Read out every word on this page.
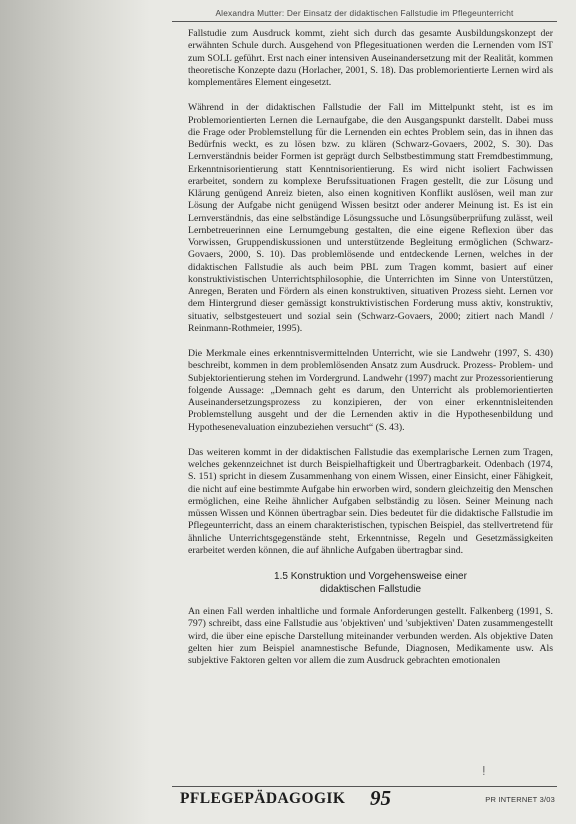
Alexandra Mutter: Der Einsatz der didaktischen Fallstudie im Pflegeunterricht

Fallstudie zum Ausdruck kommt, zieht sich durch das gesamte Ausbildungskonzept der erwähnten Schule durch. Ausgehend von Pflegesituationen werden die Lernenden vom IST zum SOLL geführt. Erst nach einer intensiven Auseinandersetzung mit der Realität, kommen theoretische Konzepte dazu (Horlacher, 2001, S. 18). Das problemorientierte Lernen wird als komplementäres Element eingesetzt.

Während in der didaktischen Fallstudie der Fall im Mittelpunkt steht, ist es im Problemorientierten Lernen die Lernaufgabe, die den Ausgangspunkt darstellt. Dabei muss die Frage oder Problemstellung für die Lernenden ein echtes Problem sein, das in ihnen das Bedürfnis weckt, es zu lösen bzw. zu klären (Schwarz-Govaers, 2002, S. 30). Das Lernverständnis beider Formen ist geprägt durch Selbstbestimmung statt Fremdbestimmung, Erkenntnisorientierung statt Kenntnisorientierung. Es wird nicht isoliert Fachwissen erarbeitet, sondern zu komplexe Berufssituationen Fragen gestellt, die zur Lösung und Klärung genügend Anreiz bieten, also einen kognitiven Konflikt auslösen, weil man zur Lösung der Aufgabe nicht genügend Wissen besitzt oder anderer Meinung ist. Es ist ein Lernverständnis, das eine selbständige Lösungssuche und Lösungsüberprüfung zulässt, weil Lernbetreuerinnen eine Lernumgebung gestalten, die eine eigene Reflexion über das Vorwissen, Gruppendiskussionen und unterstützende Begleitung ermöglichen (Schwarz-Govaers, 2000, S. 10). Das problemlösende und entdeckende Lernen, welches in der didaktischen Fallstudie als auch beim PBL zum Tragen kommt, basiert auf einer konstruktivistischen Unterrichtsphilosophie, die Unterrichten im Sinne von Unterstützen, Anregen, Beraten und Fördern als einen konstruktiven, situativen Prozess sieht. Lernen vor dem Hintergrund dieser gemässigt konstruktivistischen Forderung muss aktiv, konstruktiv, situativ, selbstgesteuert und sozial sein (Schwarz-Govaers, 2000; zitiert nach Mandl / Reinmann-Rothmeier, 1995).

Die Merkmale eines erkenntnisvermittelnden Unterricht, wie sie Landwehr (1997, S. 430) beschreibt, kommen in dem problemlösenden Ansatz zum Ausdruck. Prozess- Problem- und Subjektorientierung stehen im Vordergrund. Landwehr (1997) macht zur Prozessorientierung folgende Aussage: „Demnach geht es darum, den Unterricht als problemorientierten Auseinandersetzungsprozess zu konzipieren, der von einer erkenntnisleitenden Problemstellung ausgeht und der die Lernenden aktiv in die Hypothesenbildung und Hypothesenevaluation einzubeziehen versucht“ (S. 43).

Das weiteren kommt in der didaktischen Fallstudie das exemplarische Lernen zum Tragen, welches gekennzeichnet ist durch Beispielhaftigkeit und Übertragbarkeit. Odenbach (1974, S. 151) spricht in diesem Zusammenhang von einem Wissen, einer Einsicht, einer Fähigkeit, die nicht auf eine bestimmte Aufgabe hin erworben wird, sondern gleichzeitig den Menschen ermöglichen, eine Reihe ähnlicher Aufgaben selbständig zu lösen. Seiner Meinung nach müssen Wissen und Können übertragbar sein. Dies bedeutet für die didaktische Fallstudie im Pflegeunterricht, dass an einem charakteristischen, typischen Beispiel, das stellvertretend für ähnliche Unterrichtsgegenstände steht, Erkenntnisse, Regeln und Gesetzmässigkeiten erarbeitet werden können, die auf ähnliche Aufgaben übertragbar sind.

1.5 Konstruktion und Vorgehensweise einer
didaktischen Fallstudie

An einen Fall werden inhaltliche und formale Anforderungen gestellt. Falkenberg (1991, S. 797) schreibt, dass eine Fallstudie aus 'objektiven' und 'subjektiven' Daten zusammengestellt wird, die über eine epische Darstellung miteinander verbunden werden. Als objektive Daten gelten hier zum Beispiel anamnestische Befunde, Diagnosen, Medikamente usw. Als subjektive Faktoren gelten vor allem die zum Ausdruck gebrachten emotionalen

ⵑ
PFLEGEPÄDAGOGIK 95	PR INTERNET 3/03
